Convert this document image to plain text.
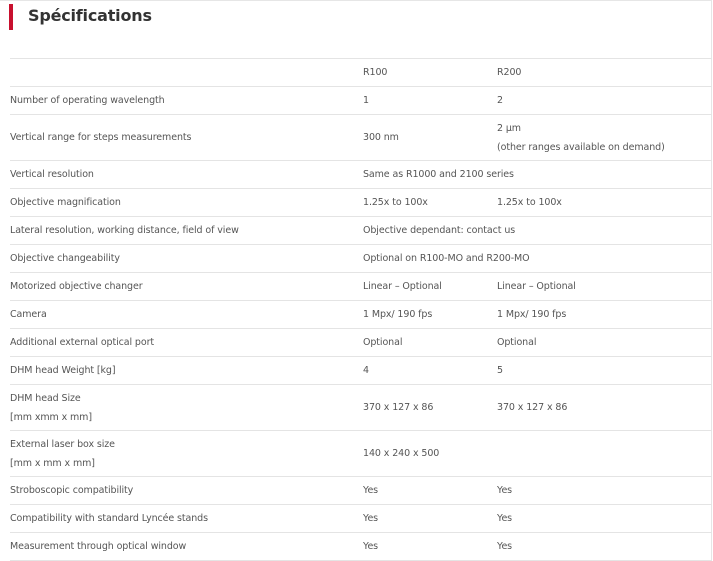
Spécifications
	R100	R200

Number of operating wavelength	1	2

Vertical range for steps measurements	300 nm	2 µm
(other ranges available on demand)

Vertical resolution	Same as R1000 and 2100 series	

Objective magnification	1.25x to 100x	1.25x to 100x

Lateral resolution, working distance, field of view	Objective dependant: contact us	

Objective changeability	Optional on R100-MO and R200-MO	

Motorized objective changer	Linear – Optional	Linear – Optional

Camera	1 Mpx/ 190 fps	1 Mpx/ 190 fps

Additional external optical port	Optional	Optional

DHM head Weight [kg]	4	5

DHM head Size
[mm xmm x mm]	370 x 127 x 86	370 x 127 x 86

External laser box size
[mm x mm x mm]	140 x 240 x 500	

Stroboscopic compatibility	Yes	Yes

Compatibility with standard Lyncée stands	Yes	Yes

Measurement through optical window	Yes	Yes
